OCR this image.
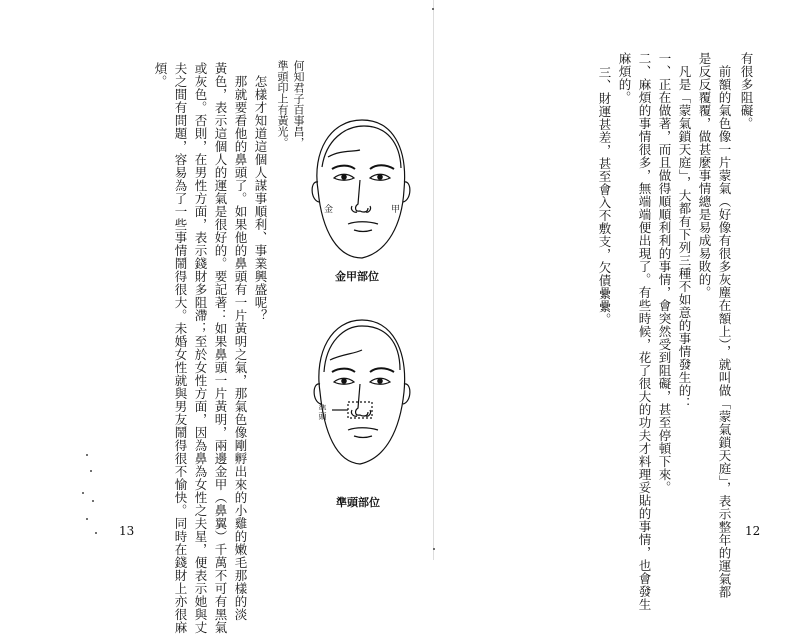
有很多阻礙。
　前額的氣色像一片蒙氣（好像有很多灰塵在額上），就叫做「蒙氣鎖天庭」，表示整年的運氣都
是反反覆覆，做甚麼事情總是易成易敗的。
　凡是「蒙氣鎖天庭」，大都有下列三種不如意的事情發生的：
一、正在做著，而且做得順順利利的事情，會突然受到阻礙，甚至停頓下來。
二、麻煩的事情很多，無端端便出現了。有些時候，花了很大的功夫才料理妥貼的事情，也會發生
麻煩的。
三、財運甚差，甚至會入不敷支，欠債纍纍。
12
何知君子百事昌，
準頭印上有黃光。
　怎樣才知道這個人謀事順利、事業興盛呢？
　那就要看他的鼻頭了。如果他的鼻頭有一片黃明之氣，那氣色像剛孵出來的小雞的嫩毛那樣的淡
黃色，表示這個人的運氣是很好的。要記著：如果鼻頭一片黃明，兩邊金甲（鼻翼）千萬不可有黑氣
或灰色。否則，在男性方面，表示錢財多阻滯；至於女性方面，因為鼻為女性之夫星，便表示她與丈
夫之間有問題，容易為了一些事情鬧得很大。未婚女性就與男友鬧得很不愉快。同時在錢財上亦很麻
煩。
金	甲
金甲部位
準頭
準頭部位
13
